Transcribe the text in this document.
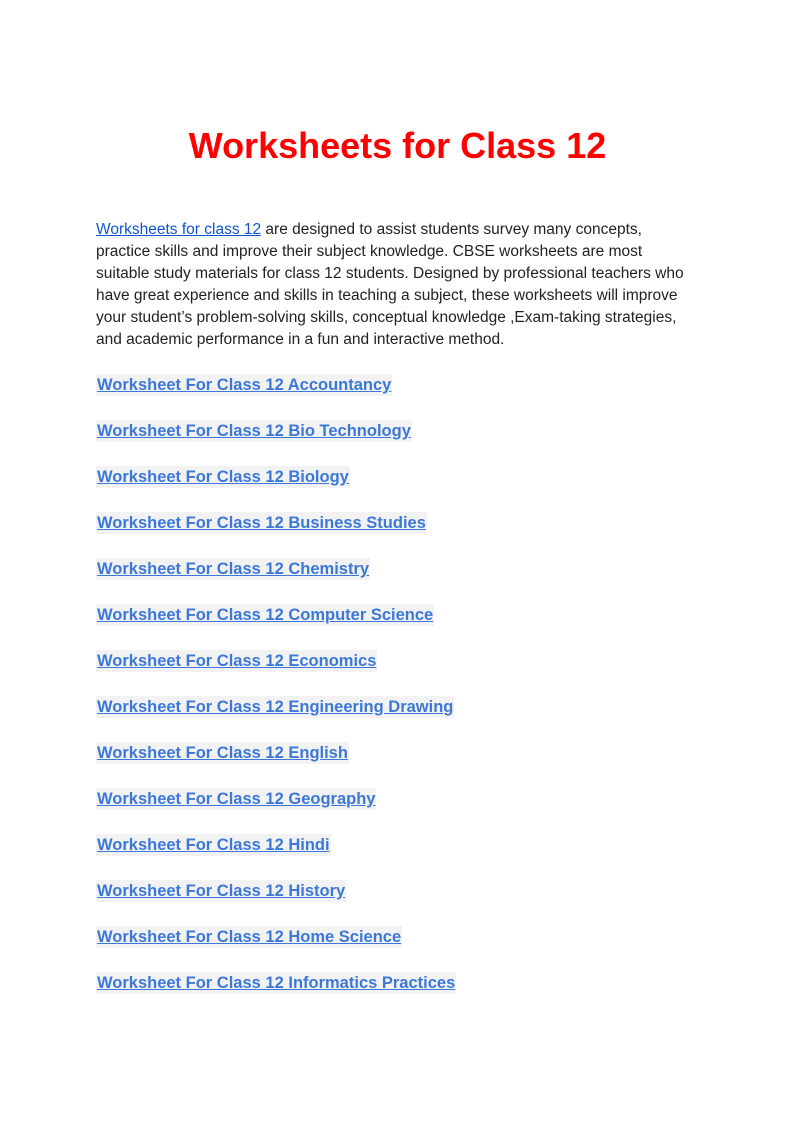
Worksheets for Class 12

Worksheets for class 12 are designed to assist students survey many concepts, practice skills and improve their subject knowledge. CBSE worksheets are most suitable study materials for class 12 students. Designed by professional teachers who have great experience and skills in teaching a subject, these worksheets will improve your student’s problem-solving skills, conceptual knowledge ,Exam-taking strategies, and academic performance in a fun and interactive method.

Worksheet For Class 12 Accountancy
Worksheet For Class 12 Bio Technology
Worksheet For Class 12 Biology
Worksheet For Class 12 Business Studies
Worksheet For Class 12 Chemistry
Worksheet For Class 12 Computer Science
Worksheet For Class 12 Economics
Worksheet For Class 12 Engineering Drawing
Worksheet For Class 12 English
Worksheet For Class 12 Geography
Worksheet For Class 12 Hindi
Worksheet For Class 12 History
Worksheet For Class 12 Home Science
Worksheet For Class 12 Informatics Practices
